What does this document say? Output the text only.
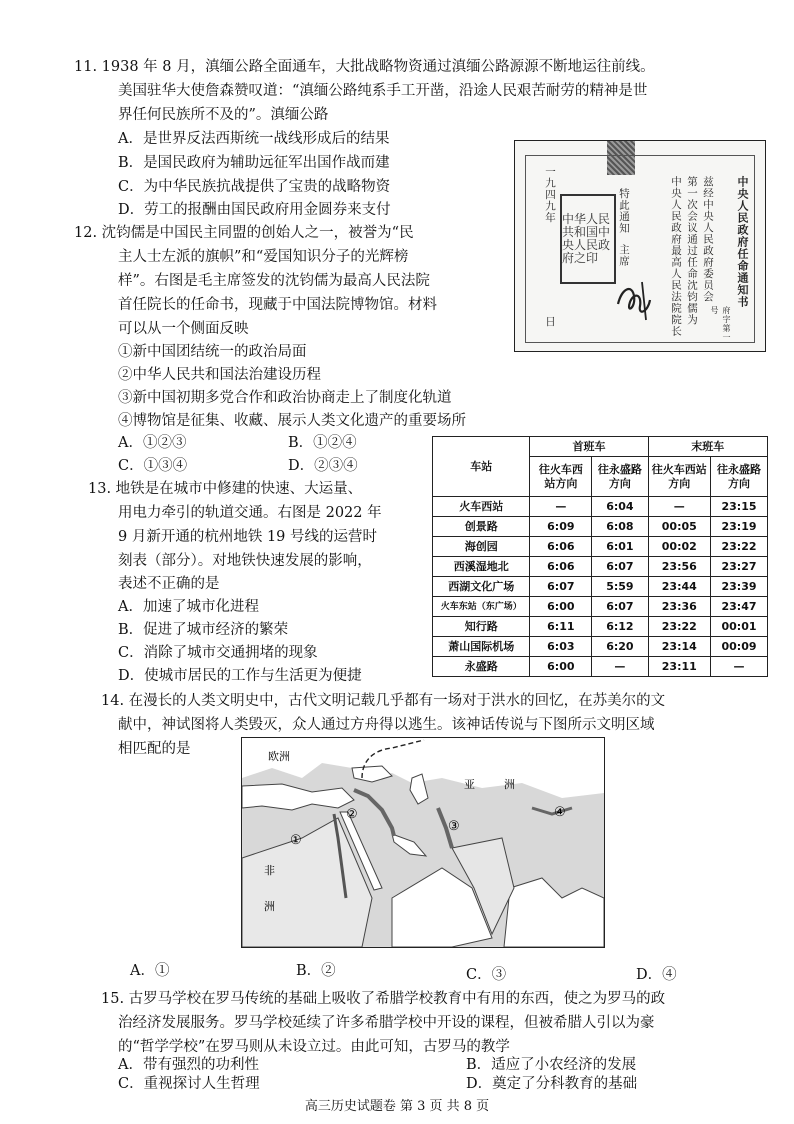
11. 1938 年 8 月，滇缅公路全面通车，大批战略物资通过滇缅公路源源不断地运往前线。
美国驻华大使詹森赞叹道：“滇缅公路纯系手工开凿，沿途人民艰苦耐劳的精神是世
界任何民族所不及的”。滇缅公路
A．是世界反法西斯统一战线形成后的结果
B．是国民政府为辅助远征军出国作战而建
C．为中华民族抗战提供了宝贵的战略物资
D．劳工的报酬由国民政府用金圆券来支付	中央人民政府任命通知书
府字第一号
兹经中央人民政府委员会
第一次会议通过任命沈钧儒为
中央人民政府最高人民法院院长
特此通知
主席
一九四九年
日
中华人民共和国中央人民政府之印
12. 沈钧儒是中国民主同盟的创始人之一，被誉为“民
主人士左派的旗帜”和“爱国知识分子的光辉榜
样”。右图是毛主席签发的沈钧儒为最高人民法院
首任院长的任命书，现藏于中国法院博物馆。材料
可以从一个侧面反映
①新中国团结统一的政治局面
②中华人民共和国法治建设历程
③新中国初期多党合作和政治协商走上了制度化轨道
④博物馆是征集、收藏、展示人类文化遗产的重要场所
A．①②③	B．①②④
C．①③④	D．②③④	车站	首班车		末班车	
	往火车西站方向	往永盛路方向	往火车西站方向	往永盛路方向
火车西站	—	6:04	—	23:15
创景路	6:09	6:08	00:05	23:19
海创园	6:06	6:01	00:02	23:22
西溪湿地北	6:06	6:07	23:56	23:27
西湖文化广场	6:07	5:59	23:44	23:39
火车东站（东广场）	6:00	6:07	23:36	23:47
知行路	6:11	6:12	23:22	00:01
萧山国际机场	6:03	6:20	23:14	00:09
永盛路	6:00	—	23:11	—
13. 地铁是在城市中修建的快速、大运量、
用电力牵引的轨道交通。右图是 2022 年
9 月新开通的杭州地铁 19 号线的运营时
刻表（部分）。对地铁快速发展的影响，
表述不正确的是
A．加速了城市化进程
B．促进了城市经济的繁荣
C．消除了城市交通拥堵的现象
D．使城市居民的工作与生活更为便捷
14. 在漫长的人类文明史中，古代文明记载几乎都有一场对于洪水的回忆，在苏美尔的文
献中，神试图将人类毁灭，众人通过方舟得以逃生。该神话传说与下图所示文明区域
相匹配的是	欧洲
亚	洲
非
洲
①
②
③
④
A．①	B．②	C．③	D．④
15. 古罗马学校在罗马传统的基础上吸收了希腊学校教育中有用的东西，使之为罗马的政
治经济发展服务。罗马学校延续了许多希腊学校中开设的课程，但被希腊人引以为豪
的“哲学学校”在罗马则从未设立过。由此可知，古罗马的教学
A．带有强烈的功利性	B．适应了小农经济的发展
C．重视探讨人生哲理	D．奠定了分科教育的基础
高三历史试题卷 第 3 页 共 8 页
